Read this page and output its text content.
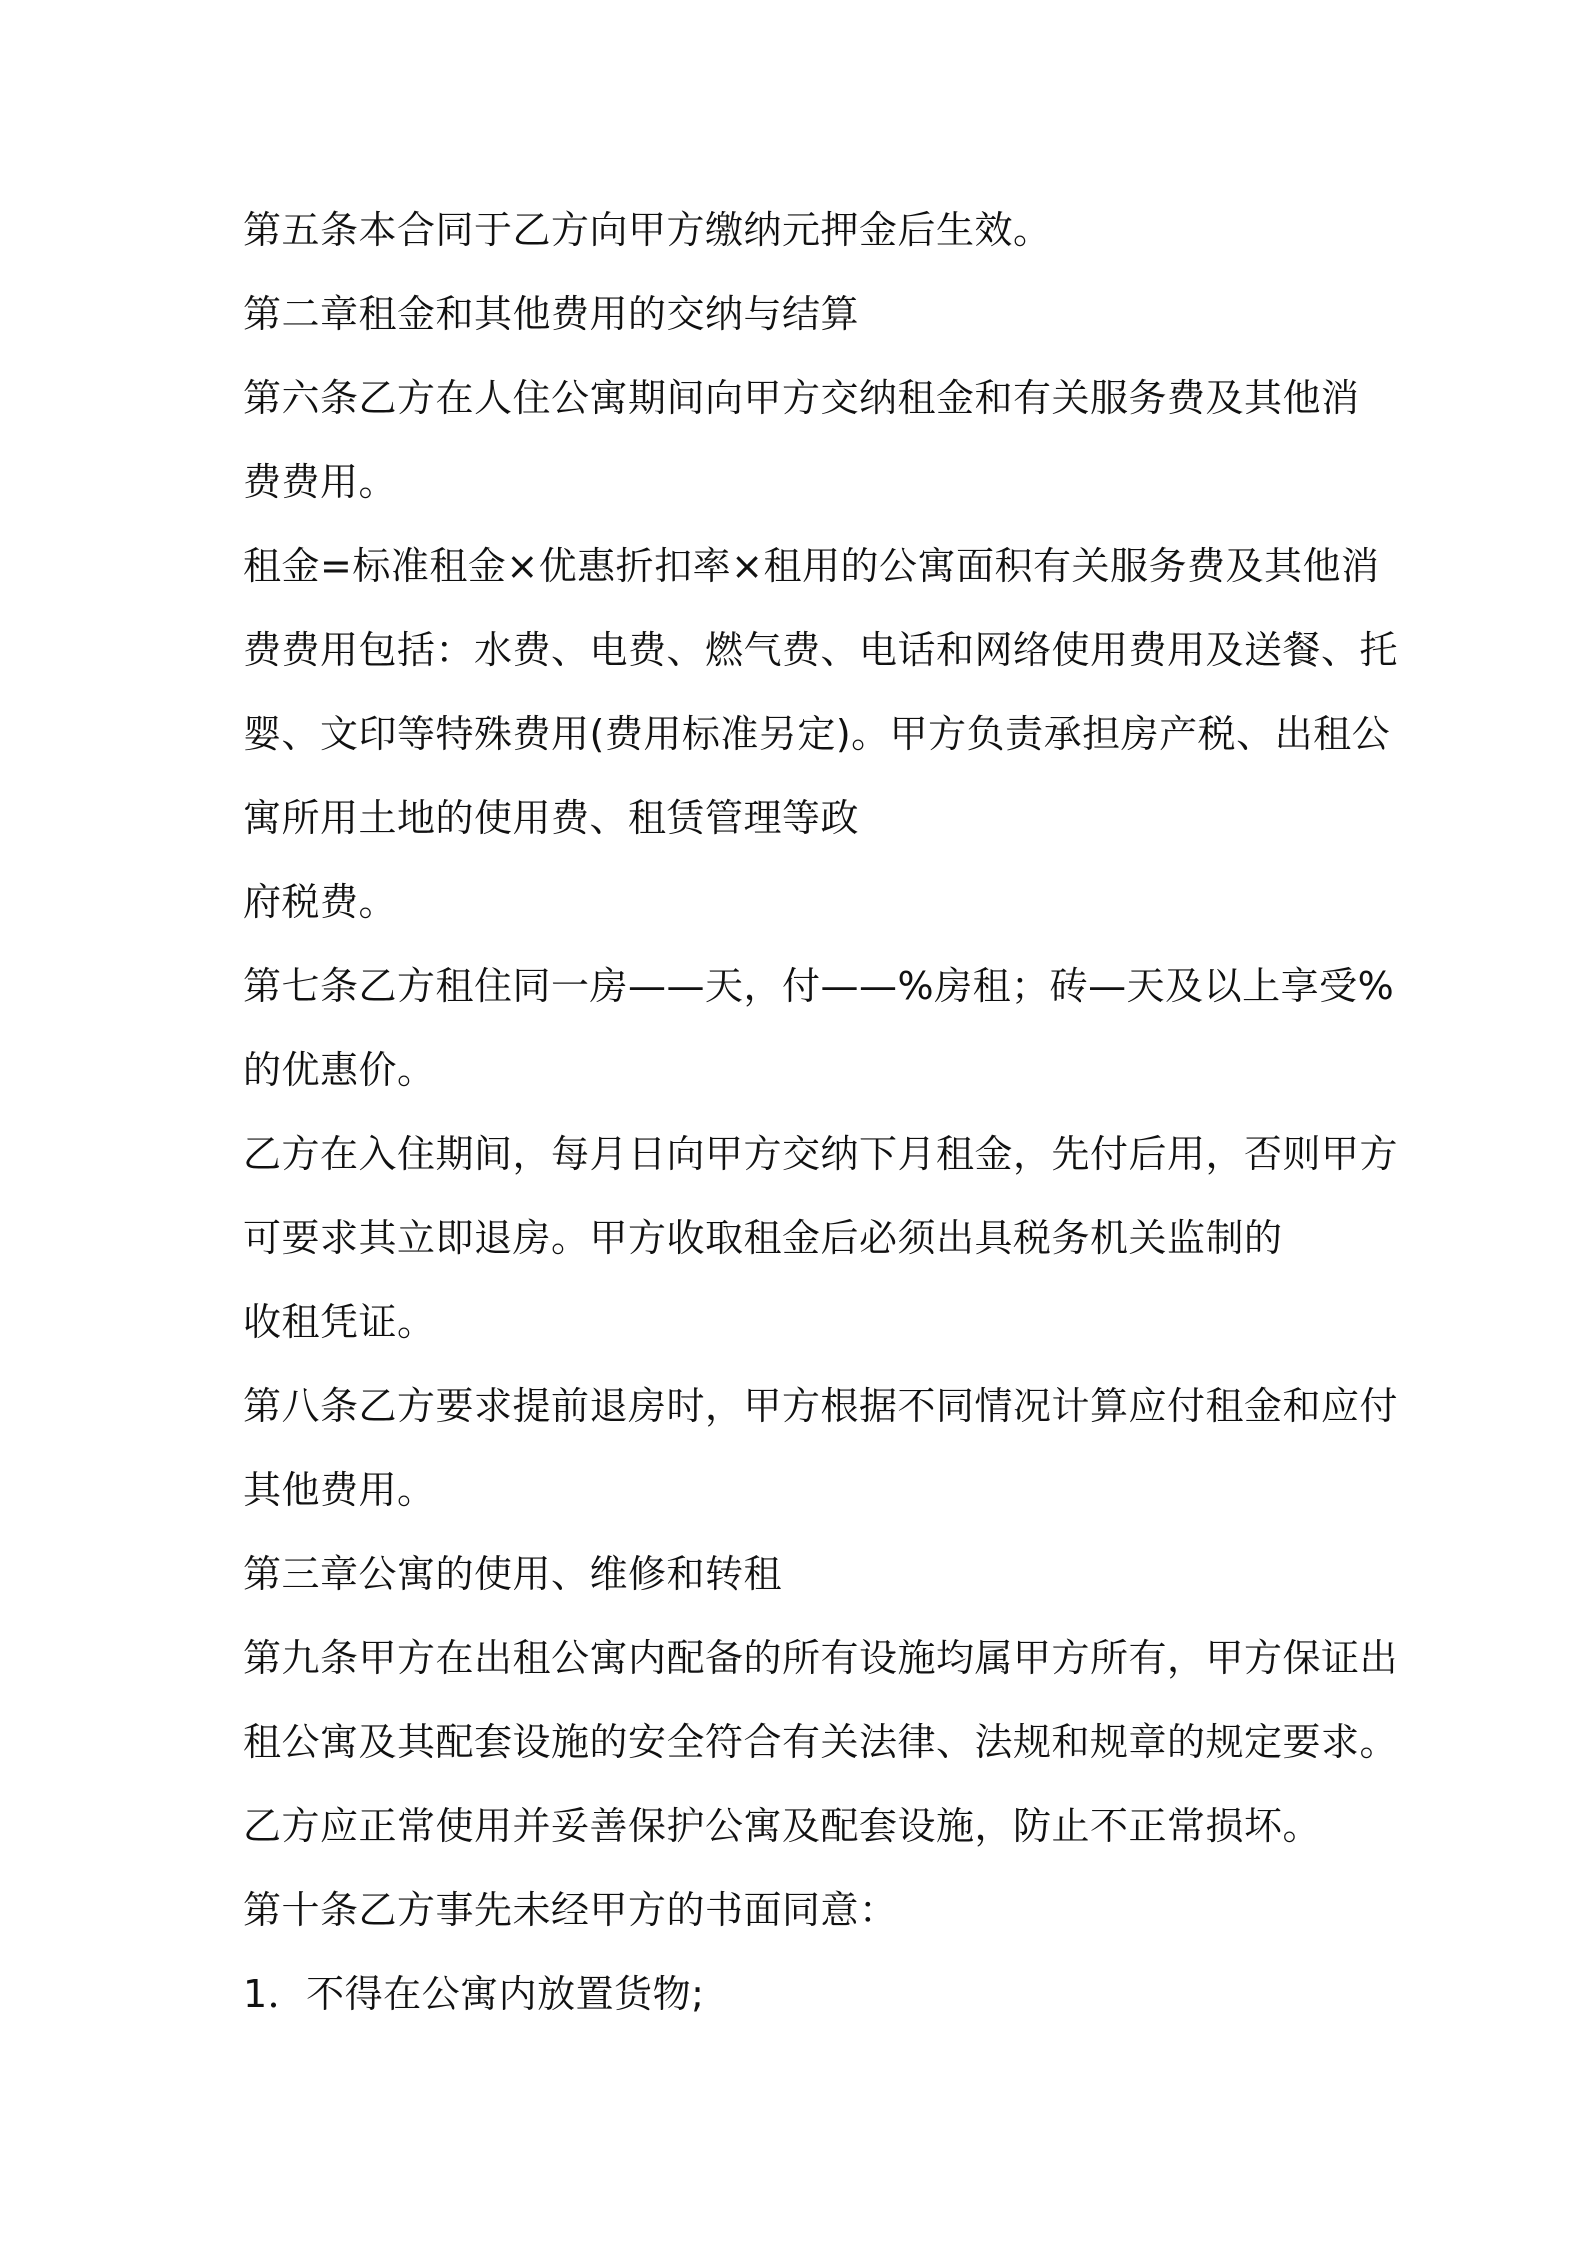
第五条本合同于乙方向甲方缴纳元押金后生效。

第二章租金和其他费用的交纳与结算

第六条乙方在人住公寓期间向甲方交纳租金和有关服务费及其他消

费费用。

租金=标准租金×优惠折扣率×租用的公寓面积有关服务费及其他消

费费用包括：水费、电费、燃气费、电话和网络使用费用及送餐、托

婴、文印等特殊费用(费用标准另定)。甲方负责承担房产税、出租公

寓所用土地的使用费、租赁管理等政

府税费。

第七条乙方租住同一房——天，付——%房租；砖—天及以上享受%

的优惠价。

乙方在入住期间，每月日向甲方交纳下月租金，先付后用，否则甲方

可要求其立即退房。甲方收取租金后必须出具税务机关监制的

收租凭证。

第八条乙方要求提前退房时，甲方根据不同情况计算应付租金和应付

其他费用。

第三章公寓的使用、维修和转租

第九条甲方在出租公寓内配备的所有设施均属甲方所有，甲方保证出

租公寓及其配套设施的安全符合有关法律、法规和规章的规定要求。

乙方应正常使用并妥善保护公寓及配套设施，防止不正常损坏。

第十条乙方事先未经甲方的书面同意：

1．不得在公寓内放置货物;
